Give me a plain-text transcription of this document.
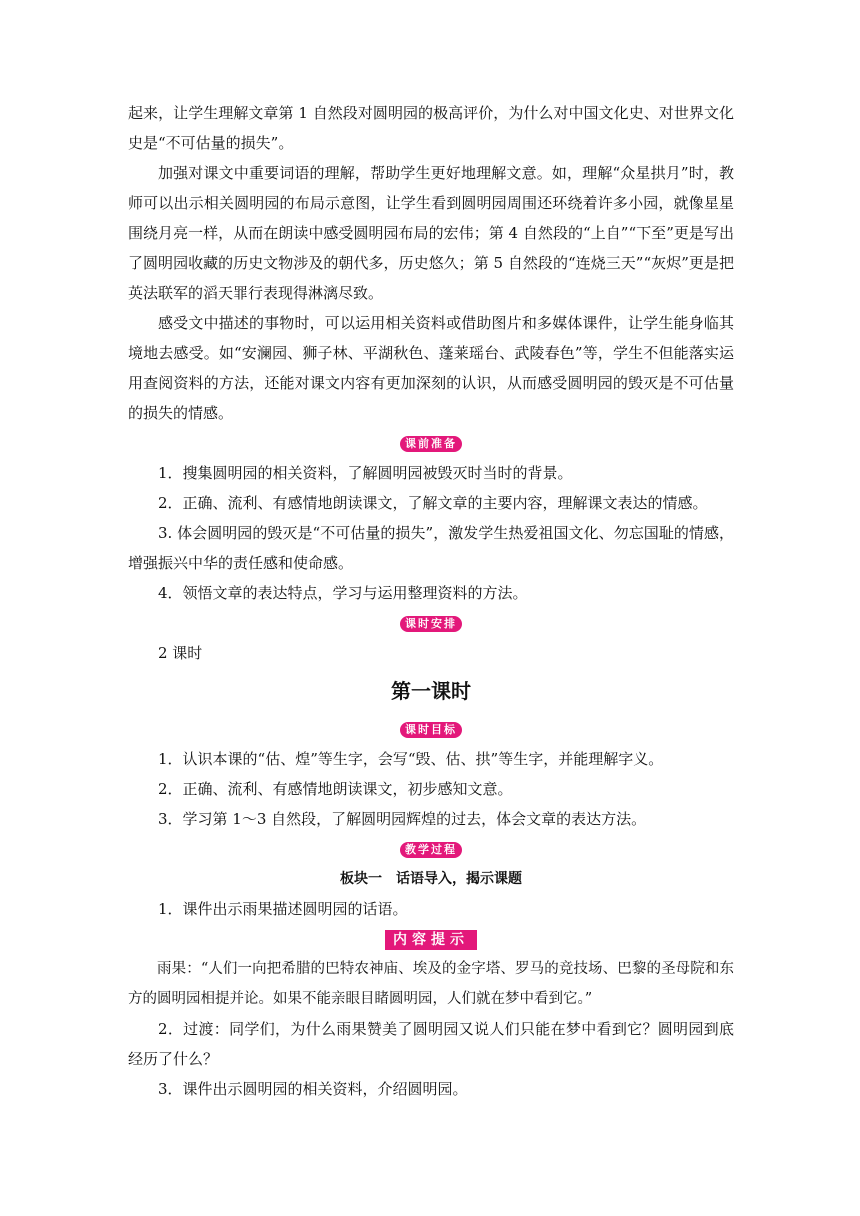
起来，让学生理解文章第 1 自然段对圆明园的极高评价，为什么对中国文化史、对世界文化史是“不可估量的损失”。

加强对课文中重要词语的理解，帮助学生更好地理解文意。如，理解“众星拱月”时，教师可以出示相关圆明园的布局示意图，让学生看到圆明园周围还环绕着许多小园，就像星星围绕月亮一样，从而在朗读中感受圆明园布局的宏伟；第 4 自然段的“上自”“下至”更是写出了圆明园收藏的历史文物涉及的朝代多，历史悠久；第 5 自然段的“连烧三天”“灰烬”更是把英法联军的滔天罪行表现得淋漓尽致。

感受文中描述的事物时，可以运用相关资料或借助图片和多媒体课件，让学生能身临其境地去感受。如“安澜园、狮子林、平湖秋色、蓬莱瑶台、武陵春色”等，学生不但能落实运用查阅资料的方法，还能对课文内容有更加深刻的认识，从而感受圆明园的毁灭是不可估量的损失的情感。

课前准备

1．搜集圆明园的相关资料，了解圆明园被毁灭时当时的背景。

2．正确、流利、有感情地朗读课文，了解文章的主要内容，理解课文表达的情感。

3. 体会圆明园的毁灭是“不可估量的损失”，激发学生热爱祖国文化、勿忘国耻的情感，增强振兴中华的责任感和使命感。

4．领悟文章的表达特点，学习与运用整理资料的方法。

课时安排

2 课时

第一课时
课时目标

1．认识本课的“估、煌”等生字，会写“毁、估、拱”等生字，并能理解字义。

2．正确、流利、有感情地朗读课文，初步感知文意。

3．学习第 1～3 自然段，了解圆明园辉煌的过去，体会文章的表达方法。

教学过程
板块一　话语导入，揭示课题

1．课件出示雨果描述圆明园的话语。

内容提示

雨果：“人们一向把希腊的巴特农神庙、埃及的金字塔、罗马的竞技场、巴黎的圣母院和东方的圆明园相提并论。如果不能亲眼目睹圆明园，人们就在梦中看到它。”

2．过渡：同学们，为什么雨果赞美了圆明园又说人们只能在梦中看到它？圆明园到底经历了什么？

3．课件出示圆明园的相关资料，介绍圆明园。
